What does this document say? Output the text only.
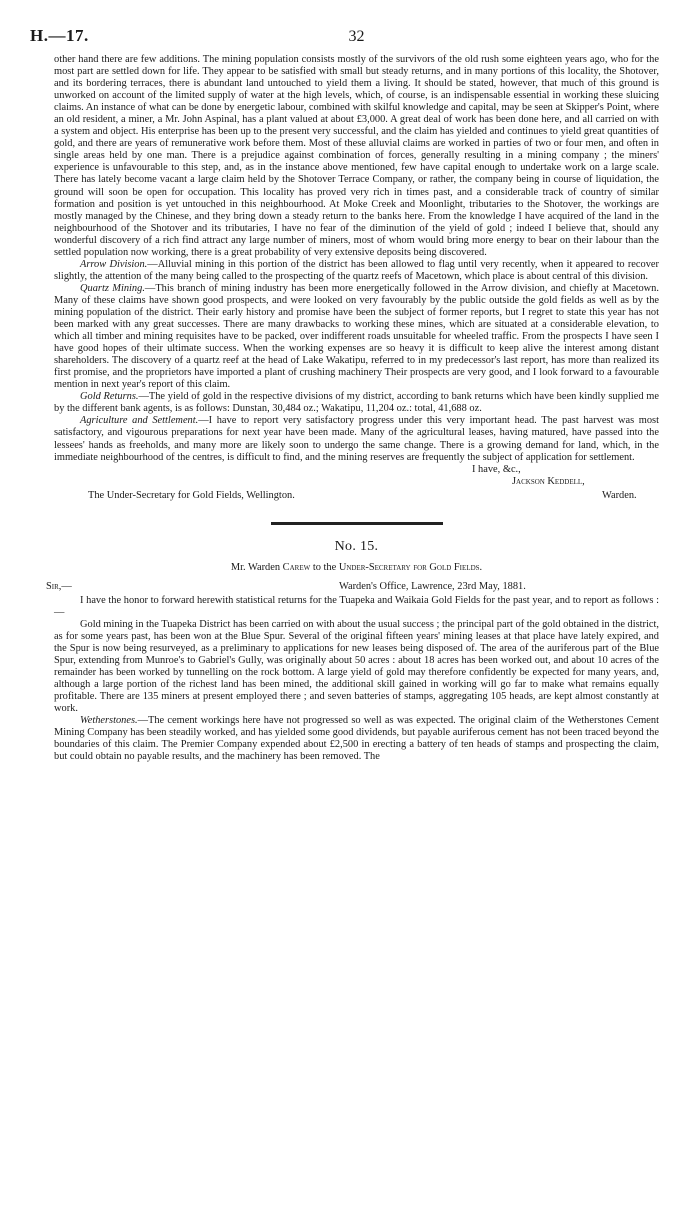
H.—17.	32

other hand there are few additions. The mining population consists mostly of the survivors of the old rush some eighteen years ago, who for the most part are settled down for life. They appear to be satisfied with small but steady returns, and in many portions of this locality, the Shotover, and its bordering terraces, there is abundant land untouched to yield them a living. It should be stated, however, that much of this ground is unworked on account of the limited supply of water at the high levels, which, of course, is an indispensable essential in working these sluicing claims. An instance of what can be done by energetic labour, combined with skilful knowledge and capital, may be seen at Skipper's Point, where an old resident, a miner, a Mr. John Aspinal, has a plant valued at about £3,000. A great deal of work has been done here, and all carried on with a system and object. His enterprise has been up to the present very successful, and the claim has yielded and continues to yield great quantities of gold, and there are years of remunerative work before them. Most of these alluvial claims are worked in parties of two or four men, and often in single areas held by one man. There is a prejudice against combination of forces, generally resulting in a mining company ; the miners' experience is unfavourable to this step, and, as in the instance above mentioned, few have capital enough to undertake work on a large scale. There has lately become vacant a large claim held by the Shotover Terrace Company, or rather, the company being in course of liquidation, the ground will soon be open for occupation. This locality has proved very rich in times past, and a considerable track of country of similar formation and position is yet untouched in this neighbourhood. At Moke Creek and Moonlight, tributaries to the Shotover, the workings are mostly managed by the Chinese, and they bring down a steady return to the banks here. From the knowledge I have acquired of the land in the neighbourhood of the Shotover and its tributaries, I have no fear of the diminution of the yield of gold ; indeed I believe that, should any wonderful discovery of a rich find attract any large number of miners, most of whom would bring more energy to bear on their labour than the settled population now working, there is a great probability of very extensive deposits being discovered.

Arrow Division.—Alluvial mining in this portion of the district has been allowed to flag until very recently, when it appeared to recover slightly, the attention of the many being called to the prospecting of the quartz reefs of Macetown, which place is about central of this division.

Quartz Mining.—This branch of mining industry has been more energetically followed in the Arrow division, and chiefly at Macetown. Many of these claims have shown good prospects, and were looked on very favourably by the public outside the gold fields as well as by the mining population of the district. Their early history and promise have been the subject of former reports, but I regret to state this year has not been marked with any great successes. There are many drawbacks to working these mines, which are situated at a considerable elevation, to which all timber and mining requisites have to be packed, over indifferent roads unsuitable for wheeled traffic. From the prospects I have seen I have good hopes of their ultimate success. When the working expenses are so heavy it is difficult to keep alive the interest among distant shareholders. The discovery of a quartz reef at the head of Lake Wakatipu, referred to in my predecessor's last report, has more than realized its first promise, and the proprietors have imported a plant of crushing machinery Their prospects are very good, and I look forward to a favourable mention in next year's report of this claim.

Gold Returns.—The yield of gold in the respective divisions of my district, according to bank returns which have been kindly supplied me by the different bank agents, is as follows: Dunstan, 30,484 oz.; Wakatipu, 11,204 oz.: total, 41,688 oz.

Agriculture and Settlement.—I have to report very satisfactory progress under this very important head. The past harvest was most satisfactory, and vigourous preparations for next year have been made. Many of the agricultural leases, having matured, have passed into the lessees' hands as freeholds, and many more are likely soon to undergo the same change. There is a growing demand for land, which, in the immediate neighbourhood of the centres, is difficult to find, and the mining reserves are frequently the subject of application for settlement.

I have, &c.,
Jackson Keddell,
The Under-Secretary for Gold Fields, Wellington.	Warden.
No. 15.
Mr. Warden Carew to the Under-Secretary for Gold Fields.
Sir,—	Warden's Office, Lawrence, 23rd May, 1881.

I have the honor to forward herewith statistical returns for the Tuapeka and Waikaia Gold Fields for the past year, and to report as follows :—

Gold mining in the Tuapeka District has been carried on with about the usual success ; the principal part of the gold obtained in the district, as for some years past, has been won at the Blue Spur. Several of the original fifteen years' mining leases at that place have lately expired, and the Spur is now being resurveyed, as a preliminary to applications for new leases being disposed of. The area of the auriferous part of the Blue Spur, extending from Munroe's to Gabriel's Gully, was originally about 50 acres : about 18 acres has been worked out, and about 10 acres of the remainder has been worked by tunnelling on the rock bottom. A large yield of gold may therefore confidently be expected for many years, and, although a large portion of the richest land has been mined, the additional skill gained in working will go far to make what remains equally profitable. There are 135 miners at present employed there ; and seven batteries of stamps, aggregating 105 heads, are kept almost constantly at work.

Wetherstones.—The cement workings here have not progressed so well as was expected. The original claim of the Wetherstones Cement Mining Company has been steadily worked, and has yielded some good dividends, but payable auriferous cement has not been traced beyond the boundaries of this claim. The Premier Company expended about £2,500 in erecting a battery of ten heads of stamps and prospecting the claim, but could obtain no payable results, and the machinery has been removed. The
